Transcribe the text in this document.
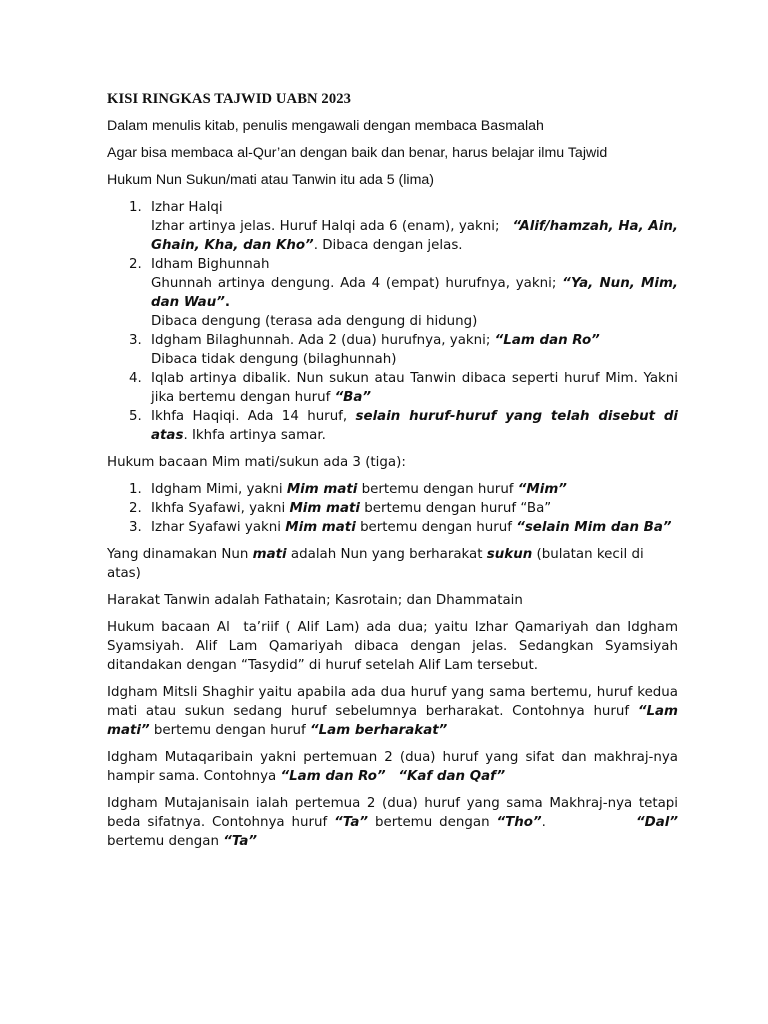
KISI RINGKAS TAJWID UABN 2023

Dalam menulis kitab, penulis mengawali dengan membaca Basmalah

Agar bisa membaca al-Qur’an dengan baik dan benar, harus belajar ilmu Tajwid

Hukum Nun Sukun/mati atau Tanwin itu ada 5 (lima)

1. Izhar Halqi
Izhar artinya jelas. Huruf Halqi ada 6 (enam), yakni; “Alif/hamzah, Ha, Ain, Ghain, Kha, dan Kho”. Dibaca dengan jelas.
2. Idham Bighunnah
Ghunnah artinya dengung. Ada 4 (empat) hurufnya, yakni; “Ya, Nun, Mim, dan Wau”.
Dibaca dengung (terasa ada dengung di hidung)
3. Idgham Bilaghunnah. Ada 2 (dua) hurufnya, yakni; “Lam dan Ro”
Dibaca tidak dengung (bilaghunnah)
4. Iqlab artinya dibalik. Nun sukun atau Tanwin dibaca seperti huruf Mim. Yakni jika bertemu dengan huruf “Ba”
5. Ikhfa Haqiqi. Ada 14 huruf, selain huruf-huruf yang telah disebut di atas. Ikhfa artinya samar.

Hukum bacaan Mim mati/sukun ada 3 (tiga):

1. Idgham Mimi, yakni Mim mati bertemu dengan huruf “Mim”
2. Ikhfa Syafawi, yakni Mim mati bertemu dengan huruf “Ba”
3. Izhar Syafawi yakni Mim mati bertemu dengan huruf “selain Mim dan Ba”

Yang dinamakan Nun mati adalah Nun yang berharakat sukun (bulatan kecil di atas)

Harakat Tanwin adalah Fathatain; Kasrotain; dan Dhammatain

Hukum bacaan Al  ta’riif ( Alif Lam) ada dua; yaitu Izhar Qamariyah dan Idgham Syamsiyah. Alif Lam Qamariyah dibaca dengan jelas. Sedangkan Syamsiyah ditandakan dengan “Tasydid” di huruf setelah Alif Lam tersebut.

Idgham Mitsli Shaghir yaitu apabila ada dua huruf yang sama bertemu, huruf kedua mati atau sukun sedang huruf sebelumnya berharakat. Contohnya huruf “Lam mati” bertemu dengan huruf “Lam berharakat”

Idgham Mutaqaribain yakni pertemuan 2 (dua) huruf yang sifat dan makhraj-nya hampir sama. Contohnya “Lam dan Ro” “Kaf dan Qaf”

Idgham Mutajanisain ialah pertemua 2 (dua) huruf yang sama Makhraj-nya tetapi beda sifatnya. Contohnya huruf “Ta” bertemu dengan “Tho”.	“Dal” bertemu dengan “Ta”
